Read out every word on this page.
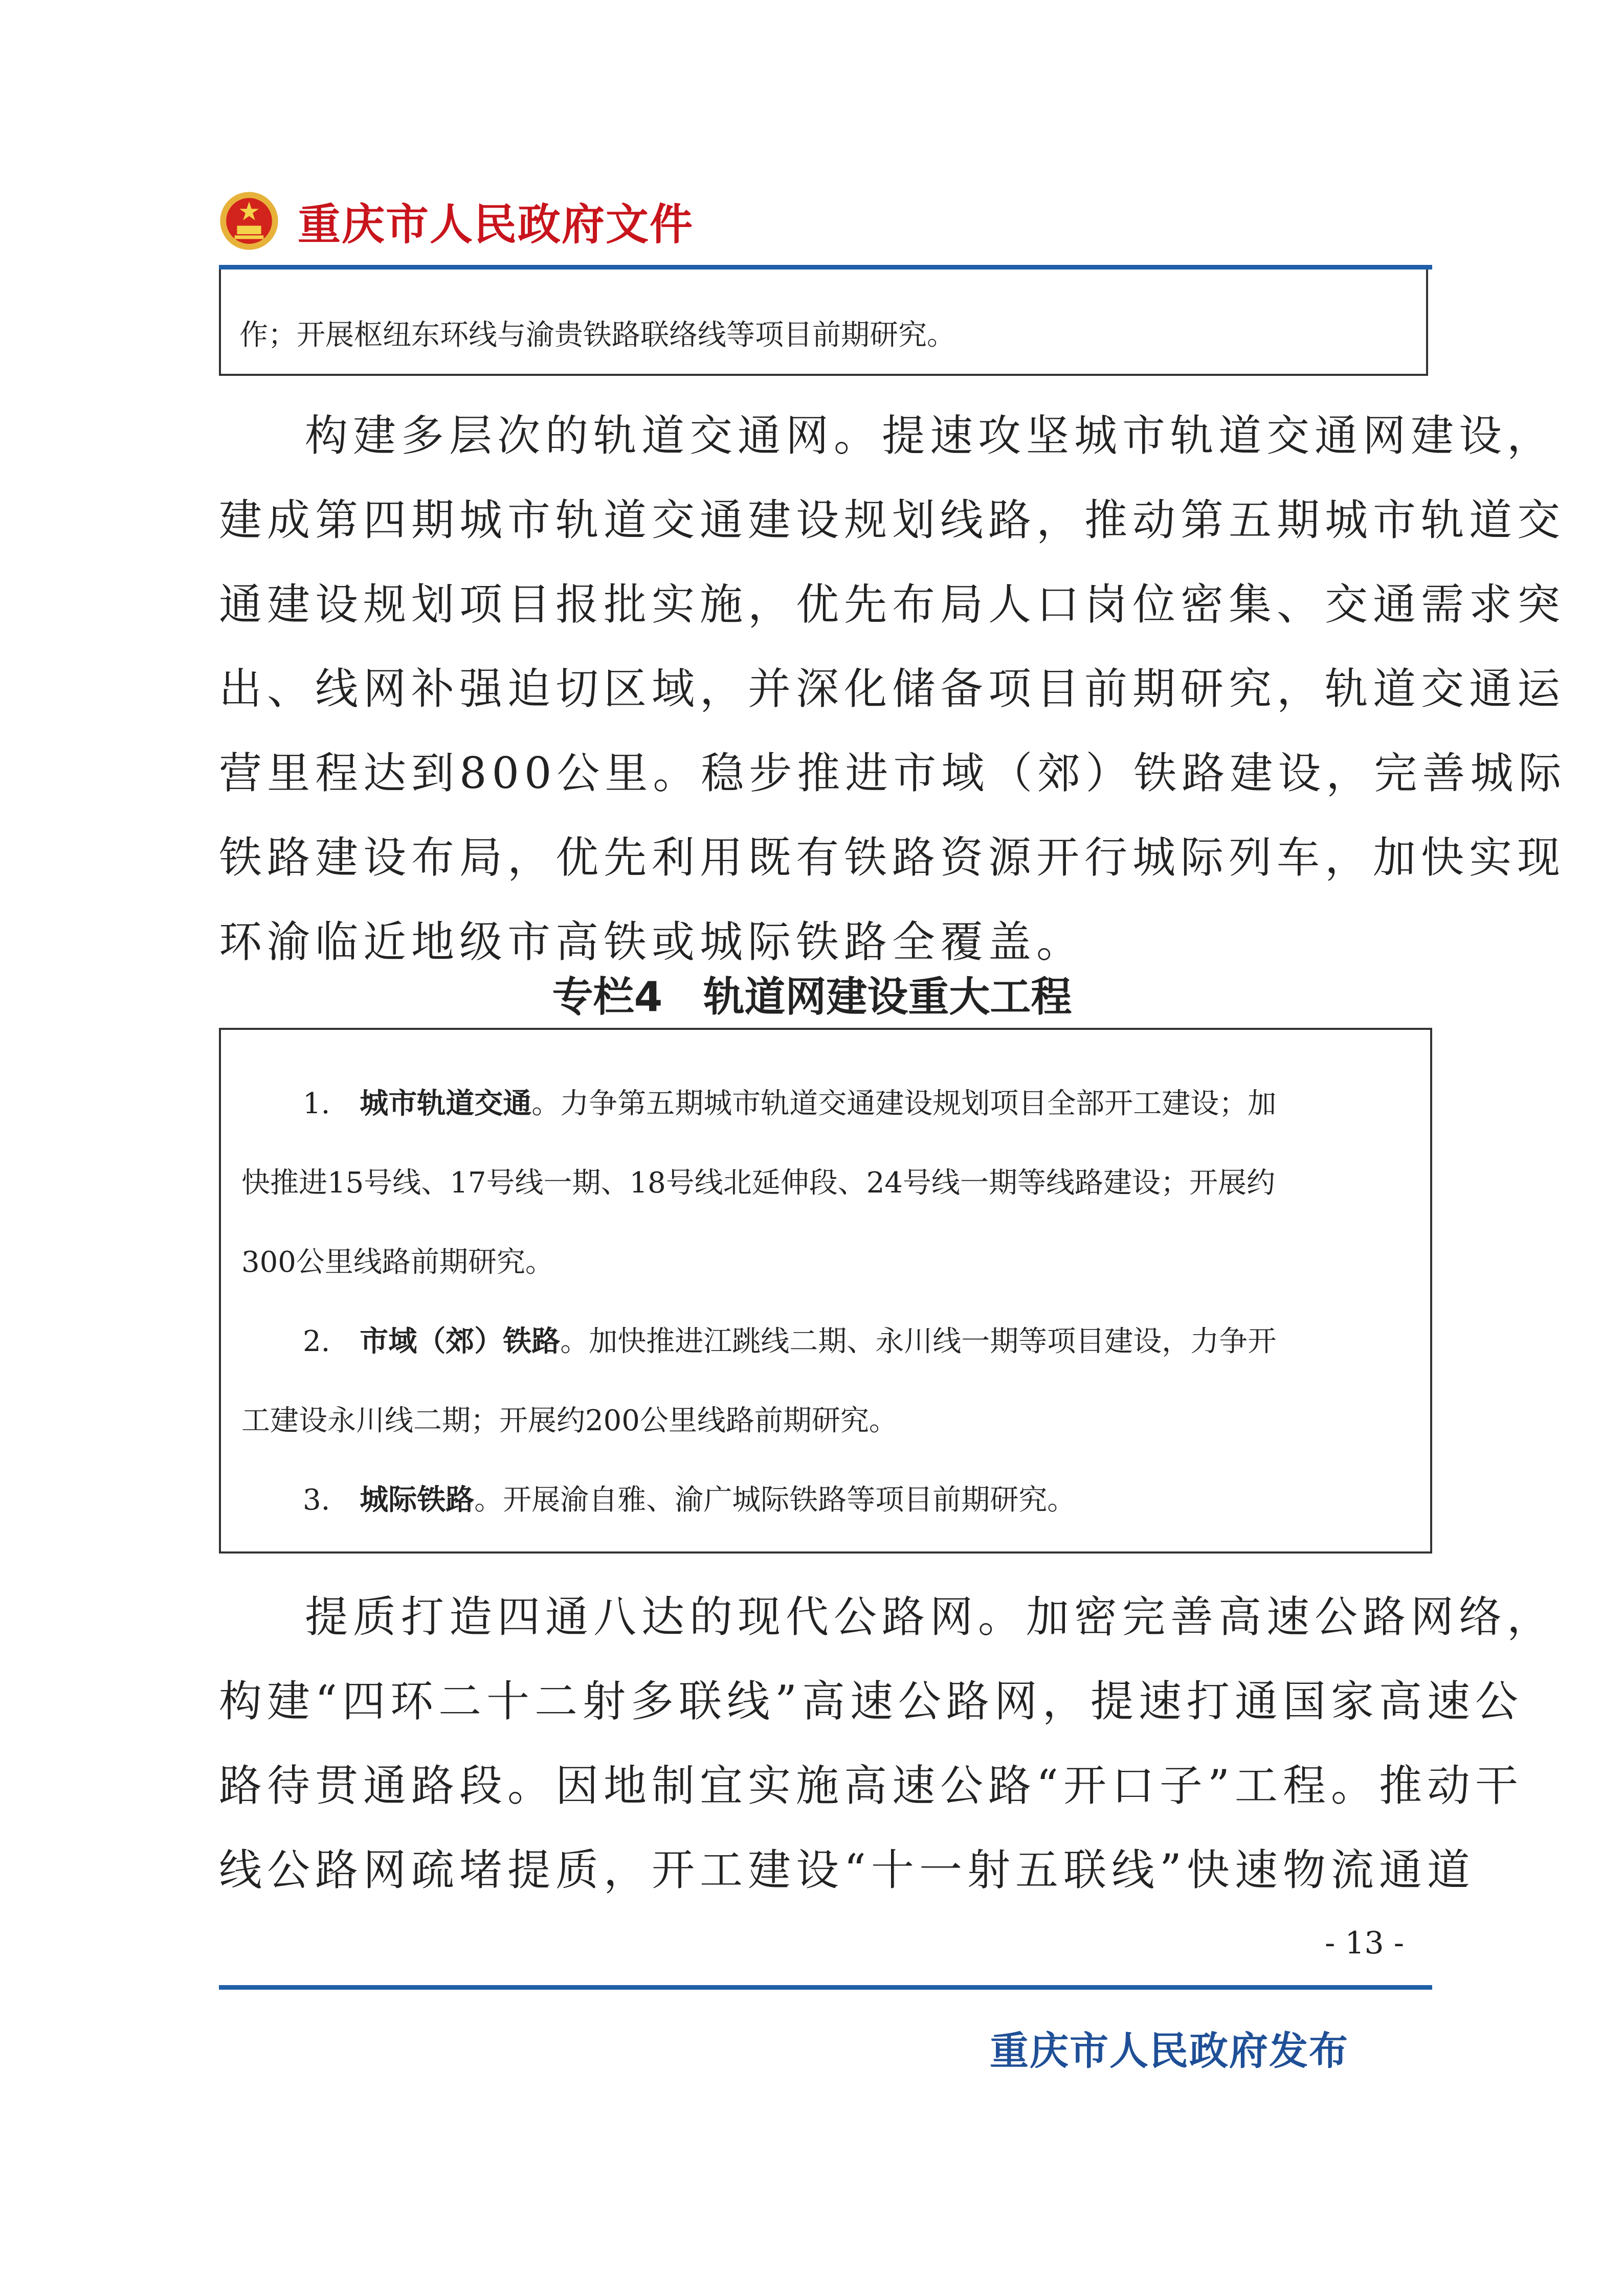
重庆市人民政府文件
作；开展枢纽东环线与渝贵铁路联络线等项目前期研究。
构建多层次的轨道交通网。提速攻坚城市轨道交通网建设，
建成第四期城市轨道交通建设规划线路，推动第五期城市轨道交
通建设规划项目报批实施，优先布局人口岗位密集、交通需求突
出、线网补强迫切区域，并深化储备项目前期研究，轨道交通运
营里程达到800公里。稳步推进市域（郊）铁路建设，完善城际
铁路建设布局，优先利用既有铁路资源开行城际列车，加快实现
环渝临近地级市高铁或城际铁路全覆盖。
专栏4　轨道网建设重大工程
1. 城市轨道交通。力争第五期城市轨道交通建设规划项目全部开工建设；加
快推进15号线、17号线一期、18号线北延伸段、24号线一期等线路建设；开展约
300公里线路前期研究。
2. 市域（郊）铁路。加快推进江跳线二期、永川线一期等项目建设，力争开
工建设永川线二期；开展约200公里线路前期研究。
3. 城际铁路。开展渝自雅、渝广城际铁路等项目前期研究。
提质打造四通八达的现代公路网。加密完善高速公路网络，
构建“四环二十二射多联线”高速公路网，提速打通国家高速公
路待贯通路段。因地制宜实施高速公路“开口子”工程。推动干
线公路网疏堵提质，开工建设“十一射五联线”快速物流通道
- 13 -
重庆市人民政府发布
